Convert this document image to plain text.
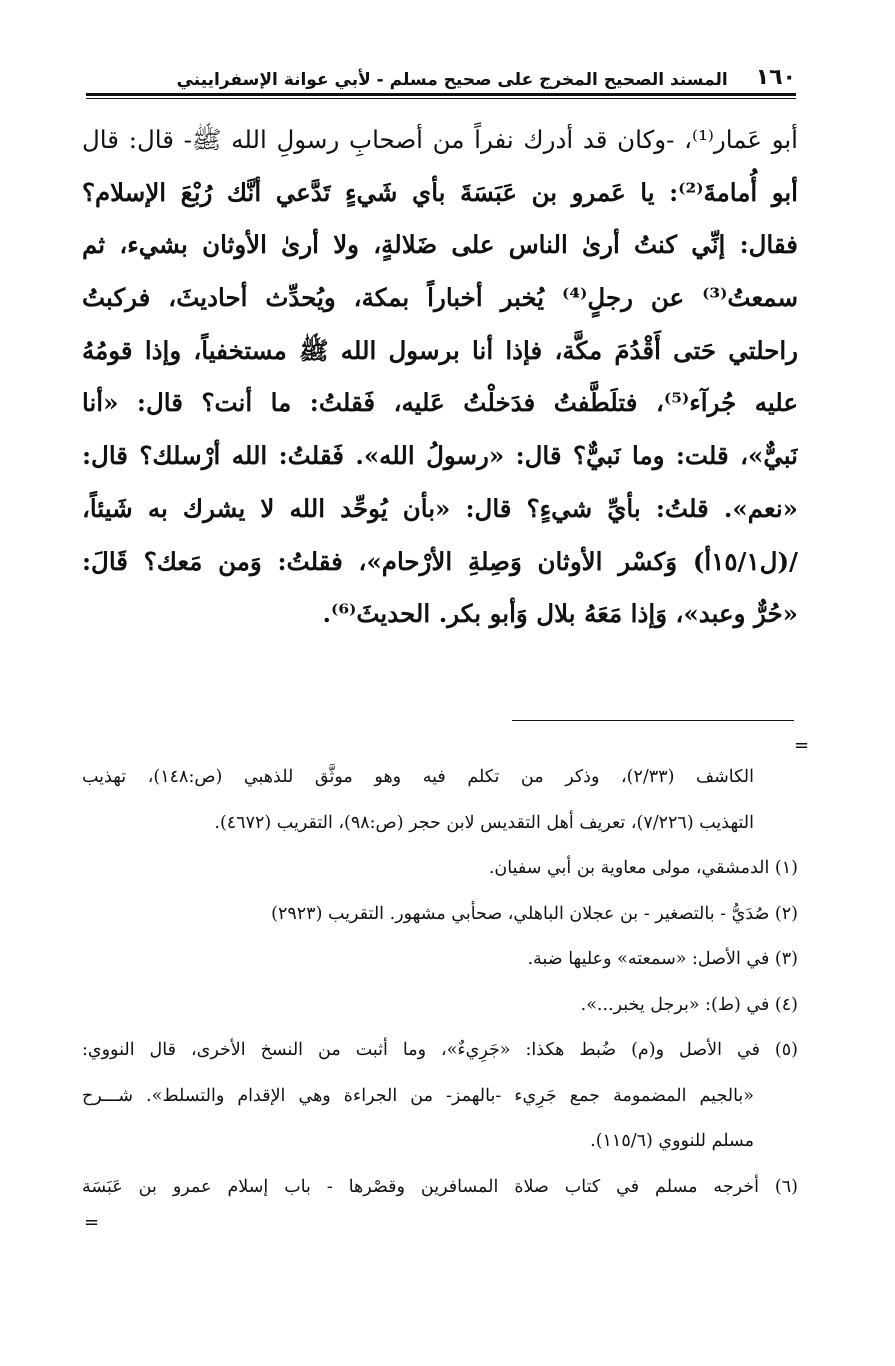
١٦٠
المسند الصحيح المخرج على صحيح مسلم - لأبي عوانة الإسفراييني
أبو عَمار⁽¹⁾، -وكان قد أدرك نفراً من أصحابِ رسولِ الله ﷺ- قال: قال
أبو أُمامةَ⁽²⁾: يا عَمرو بن عَبَسَةَ بأي شَيءٍ تَدَّعي أنَّك رُبْعَ الإسلام؟
فقال: إنِّي كنتُ أرىٰ الناس على ضَلالةٍ، ولا أرىٰ الأوثان بشيء، ثم
سمعتُ⁽³⁾ عن رجلٍ⁽⁴⁾ يُخبر أخباراً بمكة، ويُحدِّث أحاديثَ، فركبتُ
راحلتي حَتى أَقْدُمَ مكَّة، فإذا أنا برسول الله ﷺ مستخفياً، وإذا قومُهُ
عليه جُرآء⁽⁵⁾، فتلَطَّفتُ فدَخلْتُ عَليه، فَقلتُ: ما أنت؟ قال: «أنا
نَبيٌّ»، قلت: وما نَبيٌّ؟ قال: «رسولُ الله». فَقلتُ: الله أرْسلك؟ قال:
«نعم». قلتُ: بأيِّ شيءٍ؟ قال: «بأن يُوحِّد الله لا يشرك به شَيئاً،
/(ل١٥/١أ) وَكسْر الأوثان وَصِلةِ الأرْحام»، فقلتُ: وَمن مَعك؟ قَالَ:
«حُرٌّ وعبد»، وَإذا مَعَهُ بلال وَأبو بكر. الحديثَ⁽⁶⁾.
=
الكاشف (٢/٣٣)، وذكر من تكلم فيه وهو موثَّق للذهبي (ص:١٤٨)، تهذيب
التهذيب (٧/٢٢٦)، تعريف أهل التقديس لابن حجر (ص:٩٨)، التقريب (٤٦٧٢).
(١) الدمشقي، مولى معاوية بن أبي سفيان.
(٢) صُدَيُّ - بالتصغير - بن عجلان الباهلي، صحأبي مشهور. التقريب (٢٩٢٣)
(٣) في الأصل: «سمعته» وعليها ضبة.
(٤) في (ط): «برجل يخبر...».
(٥) في الأصل و(م) ضُبط هكذا: «جَرِيءٌ»، وما أثبت من النسخ الأخرى، قال النووي:
«بالجيم المضمومة جمع جَرِيء -بالهمز- من الجراءة وهي الإقدام والتسلط». شـــرح
مسلم للنووي (١١٥/٦).
(٦) أخرجه مسلم في كتاب صلاة المسافرين وقصْرها - باب إسلام عمرو بن عَبَسَة
=
